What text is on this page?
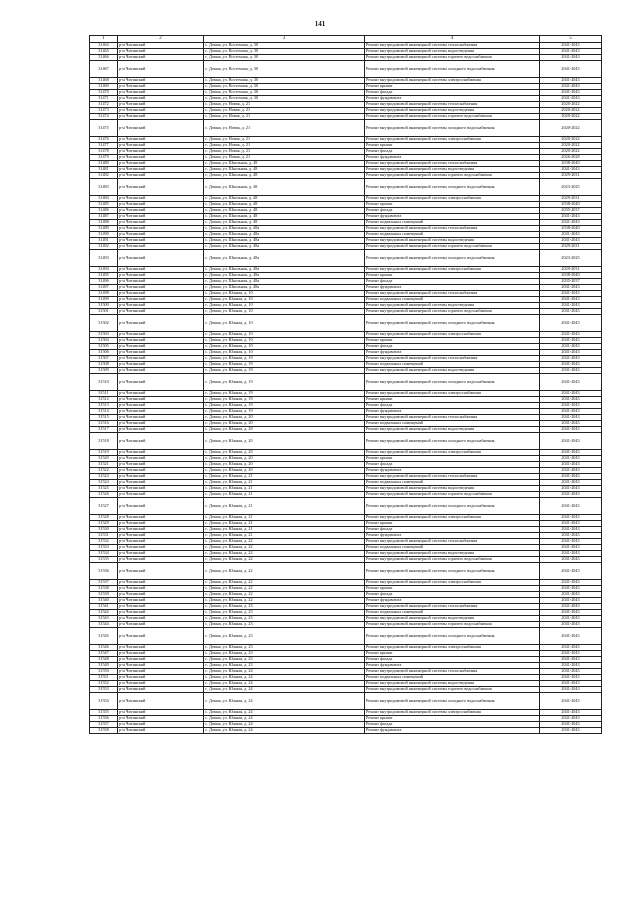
141
1	2	3	4	5
31464	р-н Читинский	с. Домна, ул. Восточная, д. 30	Ремонт внутридомовой инженерной системы теплоснабжения	2041-2043
31465	р-н Читинский	с. Домна, ул. Восточная, д. 30	Ремонт внутридомовой инженерной системы водоотведения	2041-2043
31466	р-н Читинский	с. Домна, ул. Восточная, д. 30	Ремонт внутридомовой инженерной системы горячего водоснабжения	2041-2043
31467	р-н Читинский	с. Домна, ул. Восточная, д. 30	Ремонт внутридомовой инженерной системы холодного водоснабжения	2041-2043
31468	р-н Читинский	с. Домна, ул. Восточная, д. 30	Ремонт внутридомовой инженерной системы электроснабжения	2041-2043
31469	р-н Читинский	с. Домна, ул. Восточная, д. 30	Ремонт крыши	2041-2043
31470	р-н Читинский	с. Домна, ул. Восточная, д. 30	Ремонт фасада	2041-2043
31471	р-н Читинский	с. Домна, ул. Восточная, д. 30	Ремонт фундамента	2041-2043
31472	р-н Читинский	с. Домна, ул. Новая, д. 21	Ремонт внутридомовой инженерной системы теплоснабжения	2020-2022
31473	р-н Читинский	с. Домна, ул. Новая, д. 21	Ремонт внутридомовой инженерной системы водоотведения	2020-2022
31474	р-н Читинский	с. Домна, ул. Новая, д. 21	Ремонт внутридомовой инженерной системы горячего водоснабжения	2020-2022
31475	р-н Читинский	с. Домна, ул. Новая, д. 21	Ремонт внутридомовой инженерной системы холодного водоснабжения	2020-2022
31476	р-н Читинский	с. Домна, ул. Новая, д. 21	Ремонт внутридомовой инженерной системы электроснабжения	2020-2022
31477	р-н Читинский	с. Домна, ул. Новая, д. 21	Ремонт крыши	2020-2022
31478	р-н Читинский	с. Домна, ул. Новая, д. 21	Ремонт фасада	2020-2022
31479	р-н Читинский	с. Домна, ул. Новая, д. 21	Ремонт фундамента	2026-2028
31480	р-н Читинский	с. Домна, ул. Школьная, д. 48	Ремонт внутридомовой инженерной системы теплоснабжения	2038-2040
31481	р-н Читинский	с. Домна, ул. Школьная, д. 48	Ремонт внутридомовой инженерной системы водоотведения	2041-2043
31482	р-н Читинский	с. Домна, ул. Школьная, д. 48	Ремонт внутридомовой инженерной системы горячего водоснабжения	2029-2031
31483	р-н Читинский	с. Домна, ул. Школьная, д. 48	Ремонт внутридомовой инженерной системы холодного водоснабжения	2023-2025
31484	р-н Читинский	с. Домна, ул. Школьная, д. 48	Ремонт внутридомовой инженерной системы электроснабжения	2029-2031
31485	р-н Читинский	с. Домна, ул. Школьная, д. 48	Ремонт крыши	2038-2040
31486	р-н Читинский	с. Домна, ул. Школьная, д. 48	Ремонт фасада	2035-2037
31487	р-н Читинский	с. Домна, ул. Школьная, д. 48	Ремонт фундамента	2041-2043
31488	р-н Читинский	с. Домна, ул. Школьная, д. 48	Ремонт подвальных помещений	2041-2043
31489	р-н Читинский	с. Домна, ул. Школьная, д. 48а	Ремонт внутридомовой инженерной системы теплоснабжения	2038-2040
31490	р-н Читинский	с. Домна, ул. Школьная, д. 48а	Ремонт подвальных помещений	2041-2043
31491	р-н Читинский	с. Домна, ул. Школьная, д. 48а	Ремонт внутридомовой инженерной системы водоотведения	2041-2043
31492	р-н Читинский	с. Домна, ул. Школьная, д. 48а	Ремонт внутридомовой инженерной системы горячего водоснабжения	2029-2031
31493	р-н Читинский	с. Домна, ул. Школьная, д. 48а	Ремонт внутридомовой инженерной системы холодного водоснабжения	2023-2025
31494	р-н Читинский	с. Домна, ул. Школьная, д. 48а	Ремонт внутридомовой инженерной системы электроснабжения	2029-2031
31495	р-н Читинский	с. Домна, ул. Школьная, д. 48а	Ремонт крыши	2038-2040
31496	р-н Читинский	с. Домна, ул. Школьная, д. 48а	Ремонт фасада	2035-2037
31497	р-н Читинский	с. Домна, ул. Школьная, д. 48а	Ремонт фундамента	2041-2043
31498	р-н Читинский	с. Домна, ул. Южная, д. 10	Ремонт внутридомовой инженерной системы теплоснабжения	2041-2043
31499	р-н Читинский	с. Домна, ул. Южная, д. 10	Ремонт подвальных помещений	2041-2043
31500	р-н Читинский	с. Домна, ул. Южная, д. 10	Ремонт внутридомовой инженерной системы водоотведения	2041-2043
31501	р-н Читинский	с. Домна, ул. Южная, д. 10	Ремонт внутридомовой инженерной системы горячего водоснабжения	2041-2043
31502	р-н Читинский	с. Домна, ул. Южная, д. 10	Ремонт внутридомовой инженерной системы холодного водоснабжения	2041-2043
31503	р-н Читинский	с. Домна, ул. Южная, д. 10	Ремонт внутридомовой инженерной системы электроснабжения	2041-2043
31504	р-н Читинский	с. Домна, ул. Южная, д. 10	Ремонт крыши	2041-2043
31505	р-н Читинский	с. Домна, ул. Южная, д. 10	Ремонт фасада	2041-2043
31506	р-н Читинский	с. Домна, ул. Южная, д. 10	Ремонт фундамента	2041-2043
31507	р-н Читинский	с. Домна, ул. Южная, д. 19	Ремонт внутридомовой инженерной системы теплоснабжения	2041-2043
31508	р-н Читинский	с. Домна, ул. Южная, д. 19	Ремонт подвальных помещений	2041-2043
31509	р-н Читинский	с. Домна, ул. Южная, д. 19	Ремонт внутридомовой инженерной системы водоотведения	2041-2043
31510	р-н Читинский	с. Домна, ул. Южная, д. 19	Ремонт внутридомовой инженерной системы холодного водоснабжения	2041-2043
31511	р-н Читинский	с. Домна, ул. Южная, д. 19	Ремонт внутридомовой инженерной системы электроснабжения	2041-2043
31512	р-н Читинский	с. Домна, ул. Южная, д. 19	Ремонт крыши	2041-2043
31513	р-н Читинский	с. Домна, ул. Южная, д. 19	Ремонт фасада	2041-2043
31514	р-н Читинский	с. Домна, ул. Южная, д. 19	Ремонт фундамента	2041-2043
31515	р-н Читинский	с. Домна, ул. Южная, д. 20	Ремонт внутридомовой инженерной системы теплоснабжения	2041-2043
31516	р-н Читинский	с. Домна, ул. Южная, д. 20	Ремонт подвальных помещений	2041-2043
31517	р-н Читинский	с. Домна, ул. Южная, д. 20	Ремонт внутридомовой инженерной системы водоотведения	2041-2043
31518	р-н Читинский	с. Домна, ул. Южная, д. 20	Ремонт внутридомовой инженерной системы холодного водоснабжения	2041-2043
31519	р-н Читинский	с. Домна, ул. Южная, д. 20	Ремонт внутридомовой инженерной системы электроснабжения	2041-2043
31520	р-н Читинский	с. Домна, ул. Южная, д. 20	Ремонт крыши	2041-2043
31521	р-н Читинский	с. Домна, ул. Южная, д. 20	Ремонт фасада	2041-2043
31522	р-н Читинский	с. Домна, ул. Южная, д. 20	Ремонт фундамента	2041-2043
31523	р-н Читинский	с. Домна, ул. Южная, д. 21	Ремонт внутридомовой инженерной системы теплоснабжения	2041-2043
31524	р-н Читинский	с. Домна, ул. Южная, д. 21	Ремонт подвальных помещений	2041-2043
31525	р-н Читинский	с. Домна, ул. Южная, д. 21	Ремонт внутридомовой инженерной системы водоотведения	2041-2043
31526	р-н Читинский	с. Домна, ул. Южная, д. 21	Ремонт внутридомовой инженерной системы горячего водоснабжения	2041-2043
31527	р-н Читинский	с. Домна, ул. Южная, д. 21	Ремонт внутридомовой инженерной системы холодного водоснабжения	2041-2043
31528	р-н Читинский	с. Домна, ул. Южная, д. 21	Ремонт внутридомовой инженерной системы электроснабжения	2041-2043
31529	р-н Читинский	с. Домна, ул. Южная, д. 21	Ремонт крыши	2041-2043
31530	р-н Читинский	с. Домна, ул. Южная, д. 21	Ремонт фасада	2041-2043
31531	р-н Читинский	с. Домна, ул. Южная, д. 21	Ремонт фундамента	2041-2043
31532	р-н Читинский	с. Домна, ул. Южная, д. 22	Ремонт внутридомовой инженерной системы теплоснабжения	2041-2043
31533	р-н Читинский	с. Домна, ул. Южная, д. 22	Ремонт подвальных помещений	2041-2043
31534	р-н Читинский	с. Домна, ул. Южная, д. 22	Ремонт внутридомовой инженерной системы водоотведения	2041-2043
31535	р-н Читинский	с. Домна, ул. Южная, д. 22	Ремонт внутридомовой инженерной системы горячего водоснабжения	2041-2043
31536	р-н Читинский	с. Домна, ул. Южная, д. 22	Ремонт внутридомовой инженерной системы холодного водоснабжения	2041-2043
31537	р-н Читинский	с. Домна, ул. Южная, д. 22	Ремонт внутридомовой инженерной системы электроснабжения	2041-2043
31538	р-н Читинский	с. Домна, ул. Южная, д. 22	Ремонт крыши	2041-2043
31539	р-н Читинский	с. Домна, ул. Южная, д. 22	Ремонт фасада	2041-2043
31540	р-н Читинский	с. Домна, ул. Южная, д. 22	Ремонт фундамента	2041-2043
31541	р-н Читинский	с. Домна, ул. Южная, д. 23	Ремонт внутридомовой инженерной системы теплоснабжения	2041-2043
31542	р-н Читинский	с. Домна, ул. Южная, д. 23	Ремонт подвальных помещений	2041-2043
31543	р-н Читинский	с. Домна, ул. Южная, д. 23	Ремонт внутридомовой инженерной системы водоотведения	2041-2043
31544	р-н Читинский	с. Домна, ул. Южная, д. 23	Ремонт внутридомовой инженерной системы горячего водоснабжения	2041-2043
31545	р-н Читинский	с. Домна, ул. Южная, д. 23	Ремонт внутридомовой инженерной системы холодного водоснабжения	2041-2043
31546	р-н Читинский	с. Домна, ул. Южная, д. 23	Ремонт внутридомовой инженерной системы электроснабжения	2041-2043
31547	р-н Читинский	с. Домна, ул. Южная, д. 23	Ремонт крыши	2041-2043
31548	р-н Читинский	с. Домна, ул. Южная, д. 23	Ремонт фасада	2041-2043
31549	р-н Читинский	с. Домна, ул. Южная, д. 23	Ремонт фундамента	2041-2043
31550	р-н Читинский	с. Домна, ул. Южная, д. 24	Ремонт внутридомовой инженерной системы теплоснабжения	2041-2043
31551	р-н Читинский	с. Домна, ул. Южная, д. 24	Ремонт подвальных помещений	2041-2043
31552	р-н Читинский	с. Домна, ул. Южная, д. 24	Ремонт внутридомовой инженерной системы водоотведения	2041-2043
31553	р-н Читинский	с. Домна, ул. Южная, д. 24	Ремонт внутридомовой инженерной системы горячего водоснабжения	2041-2043
31554	р-н Читинский	с. Домна, ул. Южная, д. 24	Ремонт внутридомовой инженерной системы холодного водоснабжения	2041-2043
31555	р-н Читинский	с. Домна, ул. Южная, д. 24	Ремонт внутридомовой инженерной системы электроснабжения	2041-2043
31556	р-н Читинский	с. Домна, ул. Южная, д. 24	Ремонт крыши	2041-2043
31557	р-н Читинский	с. Домна, ул. Южная, д. 24	Ремонт фасада	2041-2043
31558	р-н Читинский	с. Домна, ул. Южная, д. 24	Ремонт фундамента	2041-2043
